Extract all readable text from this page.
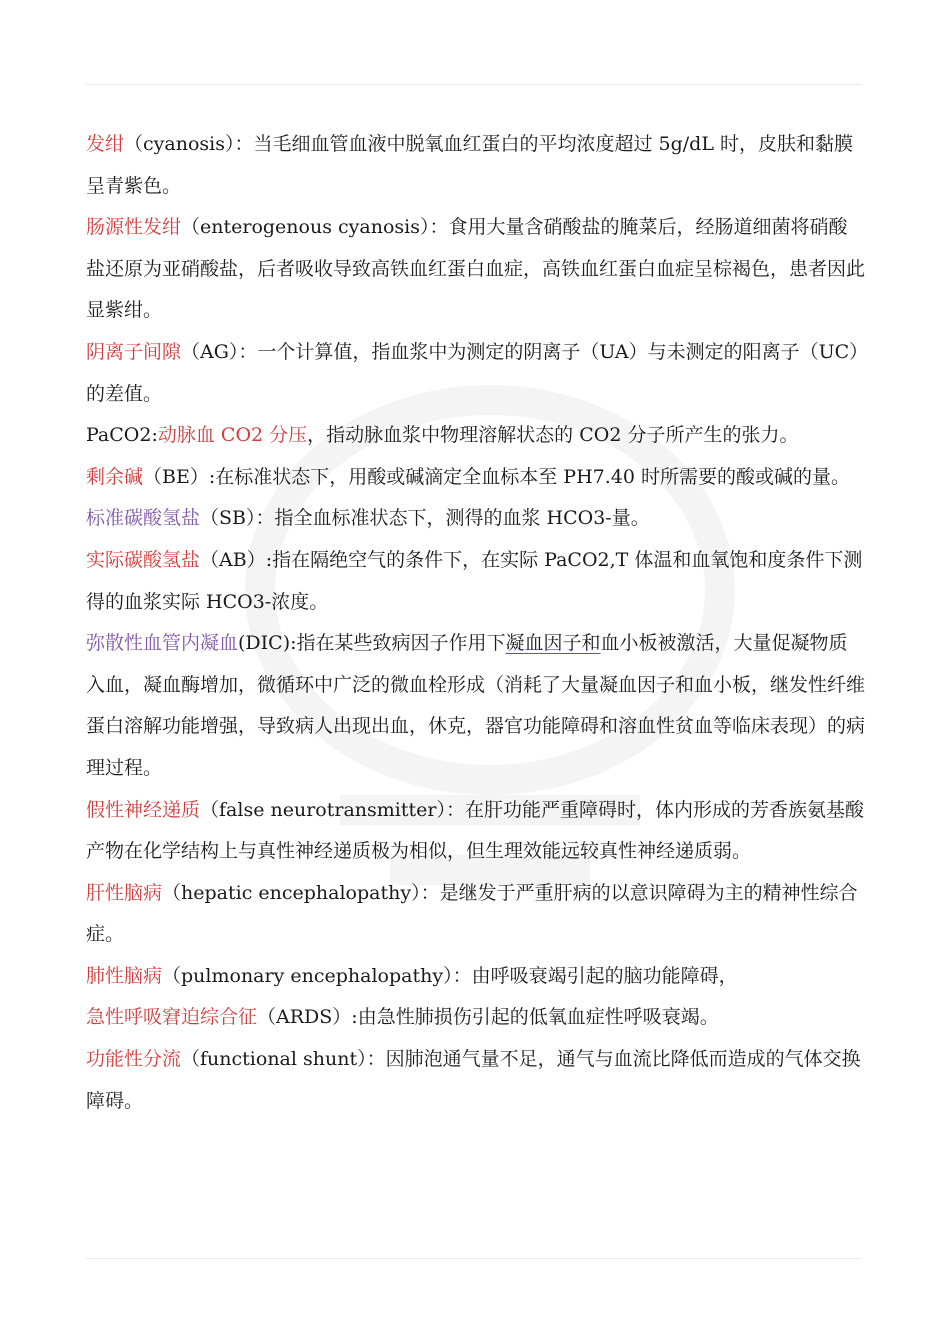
发绀（cyanosis）：当毛细血管血液中脱氧血红蛋白的平均浓度超过 5g/dL 时，皮肤和黏膜呈青紫色。

肠源性发绀（enterogenous cyanosis）：食用大量含硝酸盐的腌菜后，经肠道细菌将硝酸盐还原为亚硝酸盐，后者吸收导致高铁血红蛋白血症，高铁血红蛋白血症呈棕褐色，患者因此显紫绀。

阴离子间隙（AG）：一个计算值，指血浆中为测定的阴离子（UA）与未测定的阳离子（UC）的差值。

PaCO2:动脉血 CO2 分压，指动脉血浆中物理溶解状态的 CO2 分子所产生的张力。

剩余碱（BE）:在标准状态下，用酸或碱滴定全血标本至 PH7.40 时所需要的酸或碱的量。

标准碳酸氢盐（SB）：指全血标准状态下，测得的血浆 HCO3-量。

实际碳酸氢盐（AB）:指在隔绝空气的条件下，在实际 PaCO2,T 体温和血氧饱和度条件下测得的血浆实际 HCO3-浓度。

弥散性血管内凝血(DIC):指在某些致病因子作用下凝血因子和血小板被激活，大量促凝物质入血，凝血酶增加，微循环中广泛的微血栓形成（消耗了大量凝血因子和血小板，继发性纤维蛋白溶解功能增强，导致病人出现出血，休克，器官功能障碍和溶血性贫血等临床表现）的病理过程。

假性神经递质（false neurotransmitter）：在肝功能严重障碍时，体内形成的芳香族氨基酸产物在化学结构上与真性神经递质极为相似，但生理效能远较真性神经递质弱。

肝性脑病（hepatic encephalopathy）：是继发于严重肝病的以意识障碍为主的精神性综合症。

肺性脑病（pulmonary encephalopathy）：由呼吸衰竭引起的脑功能障碍，

急性呼吸窘迫综合征（ARDS）:由急性肺损伤引起的低氧血症性呼吸衰竭。

功能性分流（functional shunt）：因肺泡通气量不足，通气与血流比降低而造成的气体交换障碍。
